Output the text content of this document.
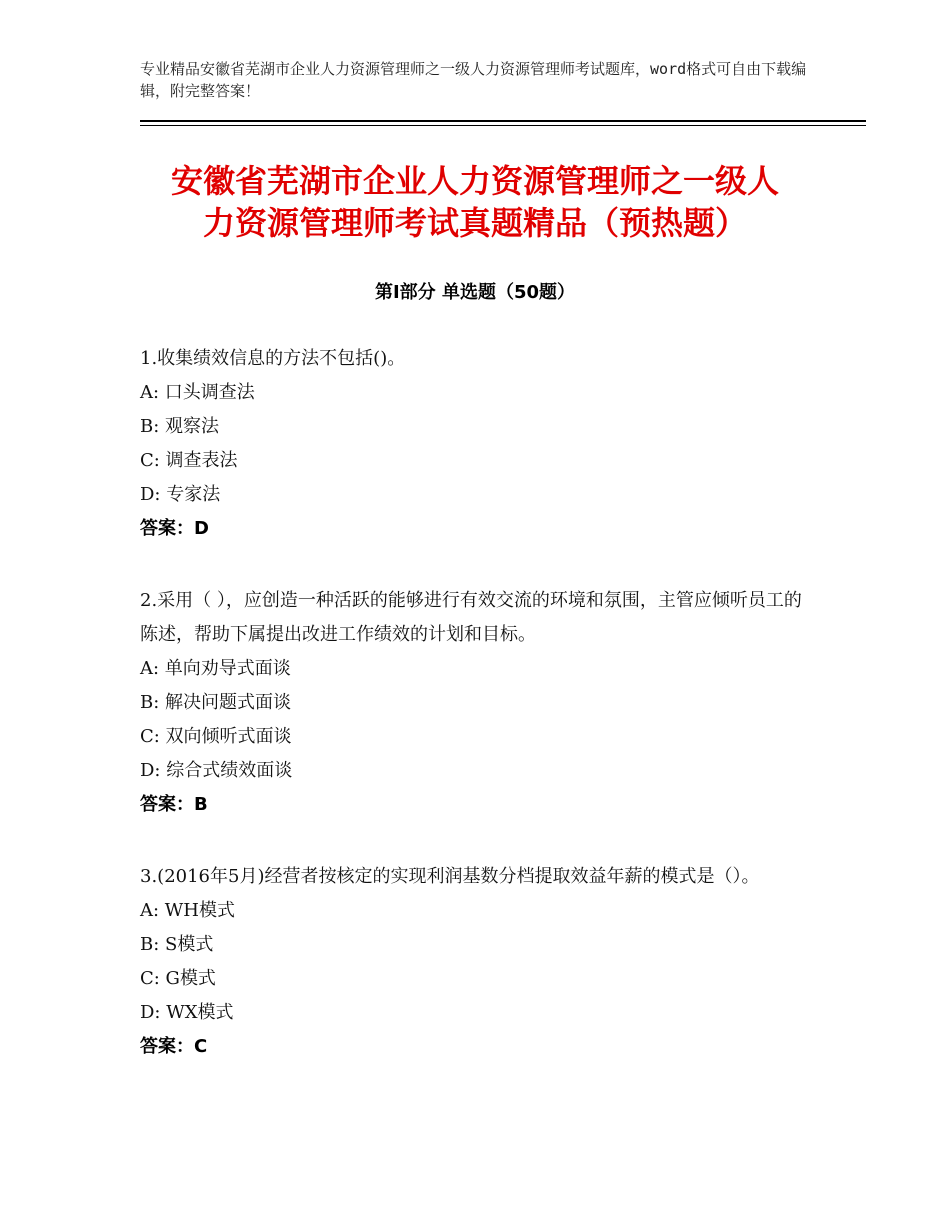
专业精品安徽省芜湖市企业人力资源管理师之一级人力资源管理师考试题库，word格式可自由下载编辑，附完整答案！
安徽省芜湖市企业人力资源管理师之一级人
力资源管理师考试真题精品（预热题）
第Ⅰ部分 单选题（50题）
1.收集绩效信息的方法不包括()。
A: 口头调查法
B: 观察法
C: 调查表法
D: 专家法
答案：D
2.采用（ ），应创造一种活跃的能够进行有效交流的环境和氛围，主管应倾听员工的陈述，帮助下属提出改进工作绩效的计划和目标。
A: 单向劝导式面谈
B: 解决问题式面谈
C: 双向倾听式面谈
D: 综合式绩效面谈
答案：B
3.(2016年5月)经营者按核定的实现利润基数分档提取效益年薪的模式是（）。
A: WH模式
B: S模式
C: G模式
D: WX模式
答案：C
